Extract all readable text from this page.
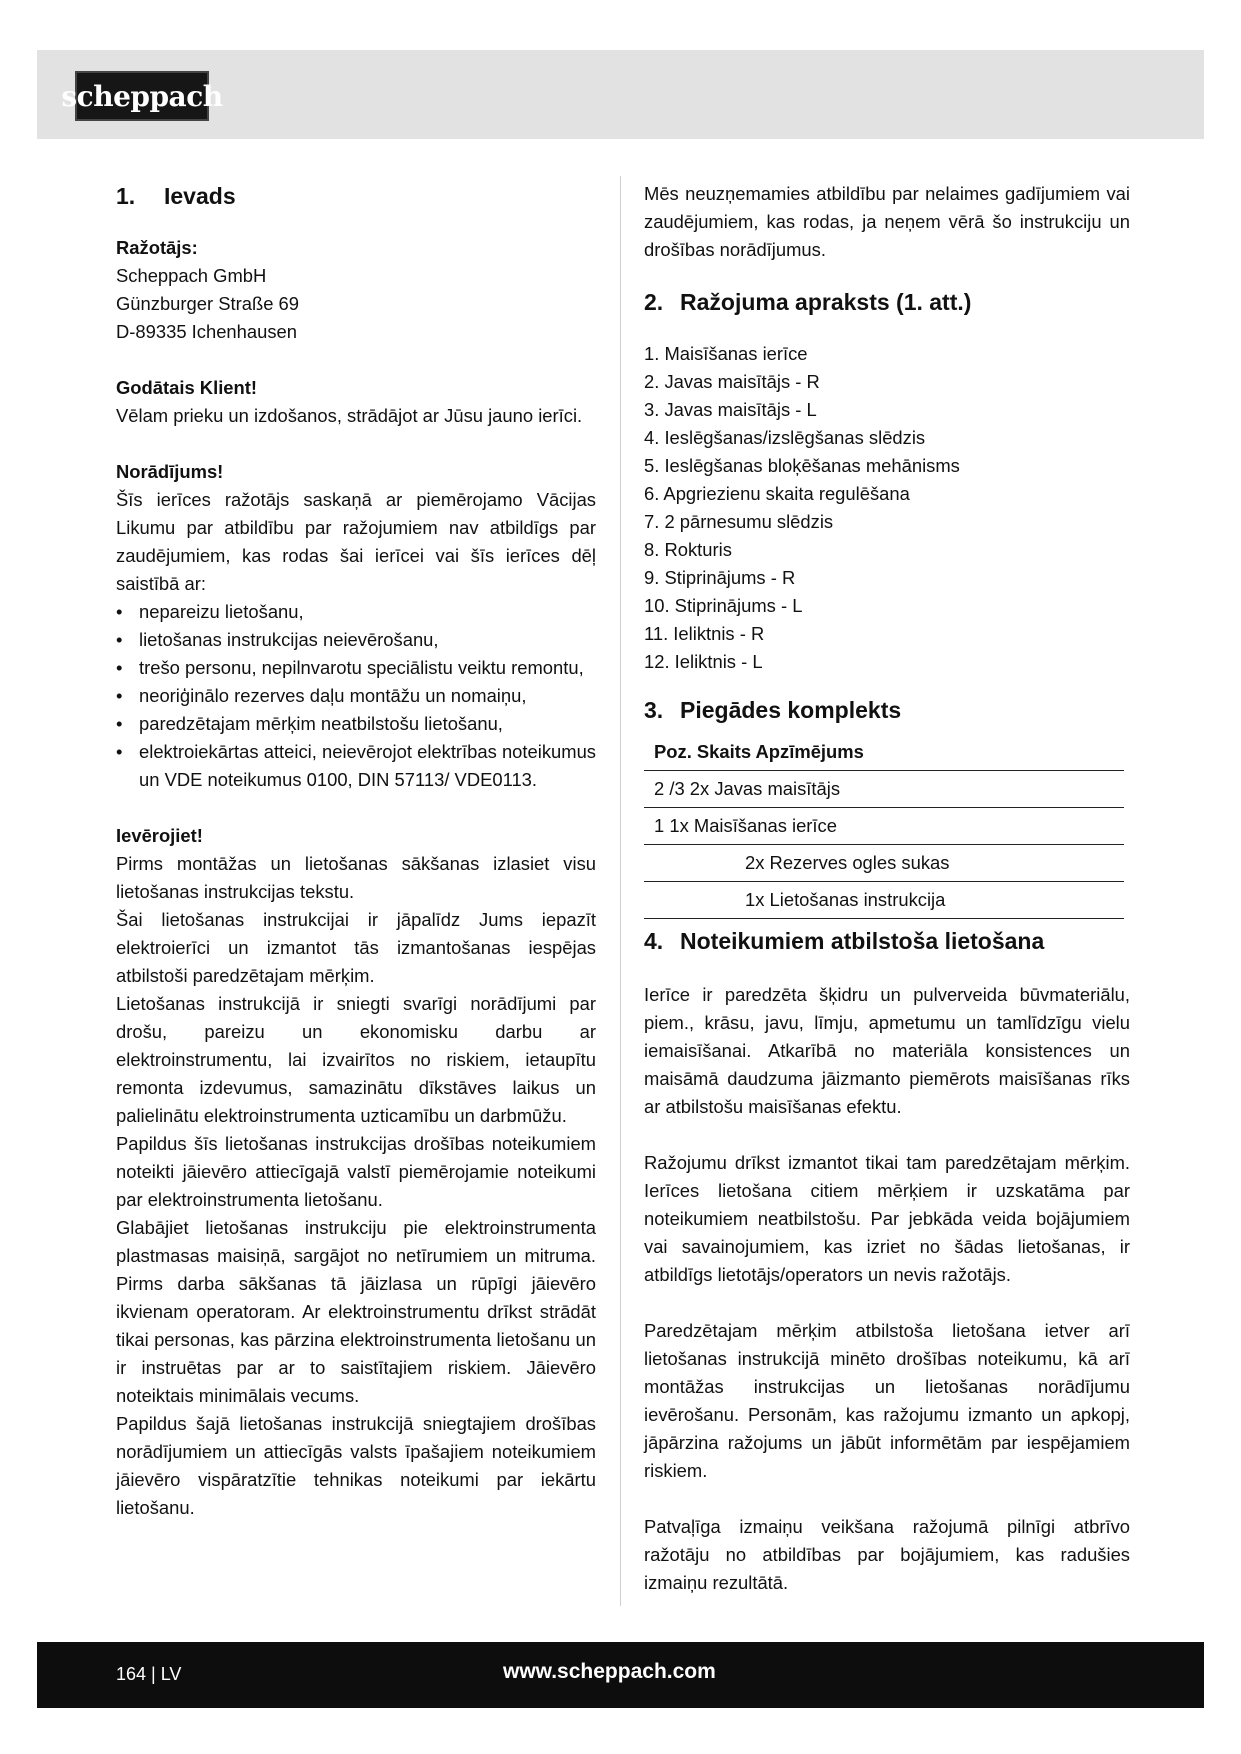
scheppach
1. Ievads

Ražotājs:

Scheppach GmbH

Günzburger Straße 69

D-89335 Ichenhausen

Godātais Klient!

Vēlam prieku un izdošanos, strādājot ar Jūsu jauno ierīci.

Norādījums!

Šīs ierīces ražotājs saskaņā ar piemērojamo Vācijas Likumu par atbildību par ražojumiem nav atbildīgs par zaudējumiem, kas rodas šai ierīcei vai šīs ierīces dēļ saistībā ar:

• nepareizu lietošanu,
• lietošanas instrukcijas neievērošanu,
• trešo personu, nepilnvarotu speciālistu veiktu remontu,
• neoriģinālo rezerves daļu montāžu un nomaiņu,
• paredzētajam mērķim neatbilstošu lietošanu,
• elektroiekārtas atteici, neievērojot elektrības noteikumus un VDE noteikumus 0100, DIN 57113/ VDE0113.

Ievērojiet!

Pirms montāžas un lietošanas sākšanas izlasiet visu lietošanas instrukcijas tekstu.

Šai lietošanas instrukcijai ir jāpalīdz Jums iepazīt elektroierīci un izmantot tās izmantošanas iespējas atbilstoši paredzētajam mērķim.

Lietošanas instrukcijā ir sniegti svarīgi norādījumi par drošu, pareizu un ekonomisku darbu ar elektroinstrumentu, lai izvairītos no riskiem, ietaupītu remonta izdevumus, samazinātu dīkstāves laikus un palielinātu elektroinstrumenta uzticamību un darbmūžu.

Papildus šīs lietošanas instrukcijas drošības noteikumiem noteikti jāievēro attiecīgajā valstī piemērojamie noteikumi par elektroinstrumenta lietošanu.

Glabājiet lietošanas instrukciju pie elektroinstrumenta plastmasas maisiņā, sargājot no netīrumiem un mitruma. Pirms darba sākšanas tā jāizlasa un rūpīgi jāievēro ikvienam operatoram. Ar elektroinstrumentu drīkst strādāt tikai personas, kas pārzina elektroinstrumenta lietošanu un ir instruētas par ar to saistītajiem riskiem. Jāievēro noteiktais minimālais vecums.

Papildus šajā lietošanas instrukcijā sniegtajiem drošības norādījumiem un attiecīgās valsts īpašajiem noteikumiem jāievēro vispāratzītie tehnikas noteikumi par iekārtu lietošanu.

Mēs neuzņemamies atbildību par nelaimes gadījumiem vai zaudējumiem, kas rodas, ja neņem vērā šo instrukciju un drošības norādījumus.

2. Ražojuma apraksts (1. att.)
1. Maisīšanas ierīce
2. Javas maisītājs - R
3. Javas maisītājs - L
4. Ieslēgšanas/izslēgšanas slēdzis
5. Ieslēgšanas bloķēšanas mehānisms
6. Apgriezienu skaita regulēšana
7. 2 pārnesumu slēdzis
8. Rokturis
9. Stiprinājums - R
10. Stiprinājums - L
11. Ieliktnis - R
12. Ieliktnis - L
3. Piegādes komplekts
Poz. Skaits Apzīmējums
2 /3 2x Javas maisītājs
1 1x Maisīšanas ierīce
2x Rezerves ogles sukas
1x Lietošanas instrukcija
4. Noteikumiem atbilstoša lietošana

Ierīce ir paredzēta šķidru un pulverveida būvmateriālu, piem., krāsu, javu, līmju, apmetumu un tamlīdzīgu vielu iemaisīšanai. Atkarībā no materiāla konsistences un maisāmā daudzuma jāizmanto piemērots maisīšanas rīks ar atbilstošu maisīšanas efektu.

Ražojumu drīkst izmantot tikai tam paredzētajam mērķim. Ierīces lietošana citiem mērķiem ir uzskatāma par noteikumiem neatbilstošu. Par jebkāda veida bojājumiem vai savainojumiem, kas izriet no šādas lietošanas, ir atbildīgs lietotājs/operators un nevis ražotājs.

Paredzētajam mērķim atbilstoša lietošana ietver arī lietošanas instrukcijā minēto drošības noteikumu, kā arī montāžas instrukcijas un lietošanas norādījumu ievērošanu. Personām, kas ražojumu izmanto un apkopj, jāpārzina ražojums un jābūt informētām par iespējamiem riskiem.

Patvaļīga izmaiņu veikšana ražojumā pilnīgi atbrīvo ražotāju no atbildības par bojājumiem, kas radušies izmaiņu rezultātā.

164 | LV	www.scheppach.com
